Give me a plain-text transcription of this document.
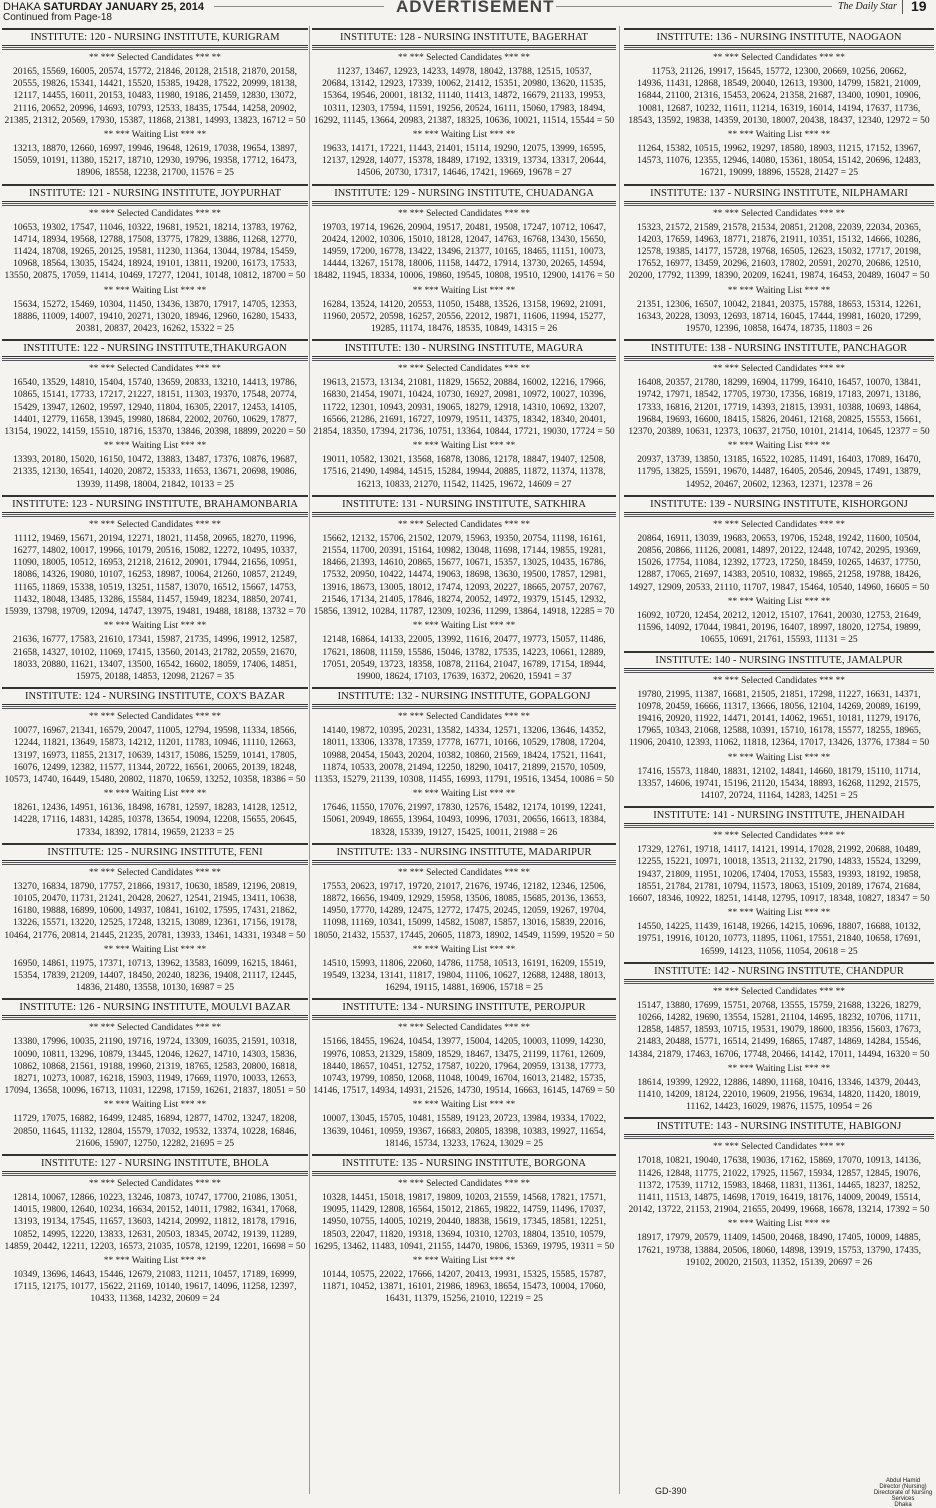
DHAKA SATURDAY JANUARY 25, 2014	ADVERTISEMENT	The Daily Star 19
Continued from Page-18
INSTITUTE: 120 - NURSING INSTITUTE, KURIGRAM
** *** Selected Candidates *** **
20165, 15569, 16005, 20574, 15772, 21846, 20128, 21518, 21870, 20158,
20555, 19826, 15341, 14421, 15520, 15385, 19428, 17522, 20999, 18138,
12117, 14455, 16011, 20153, 10483, 11980, 19186, 21459, 12830, 13072,
21116, 20652, 20996, 14693, 10793, 12533, 18435, 17544, 14258, 20902,
21385, 21312, 20569, 17930, 15387, 11868, 21381, 14993, 13823, 16712 = 50
** *** Waiting List *** **
13213, 18870, 12660, 16997, 19946, 19648, 12619, 17038, 19654, 13897,
15059, 10191, 11380, 15217, 18710, 12930, 19796, 19358, 17712, 16473,
18906, 18558, 12238, 21700, 11576 = 25
INSTITUTE: 121 - NURSING INSTITUTE, JOYPURHAT
** *** Selected Candidates *** **
10653, 19302, 17547, 11046, 10322, 19681, 19521, 18214, 13783, 19762,
14714, 18934, 19568, 12788, 17508, 13775, 17829, 13886, 11268, 12770,
11424, 18708, 19265, 20125, 19581, 11230, 11364, 13044, 19784, 15459,
10968, 18564, 13035, 15424, 18924, 19101, 13811, 19200, 16173, 17533,
13550, 20875, 17059, 11414, 10469, 17277, 12041, 10148, 10812, 18700 = 50
** *** Waiting List *** **
15634, 15272, 15469, 10304, 11450, 13436, 13870, 17917, 14705, 12353,
18886, 11009, 14007, 19410, 20271, 13020, 18946, 12960, 16280, 15433,
20381, 20837, 20423, 16262, 15322 = 25
INSTITUTE: 122 - NURSING INSTITUTE,THAKURGAON
** *** Selected Candidates *** **
16540, 13529, 14810, 15404, 15740, 13659, 20833, 13210, 14413, 19786,
10865, 15141, 17733, 17217, 21227, 18151, 11303, 19370, 17548, 20774,
15429, 13947, 12602, 19597, 12940, 11804, 16305, 22017, 12453, 14105,
14401, 12779, 11658, 13945, 19980, 18684, 22002, 20760, 10629, 17877,
13154, 19022, 14159, 15510, 18716, 15370, 13846, 20398, 18899, 20220 = 50
** *** Waiting List *** **
13393, 20180, 15020, 16150, 10472, 13883, 13487, 17376, 10876, 19687,
21335, 12130, 16541, 14020, 20872, 15333, 11653, 13671, 20698, 19086,
13939, 11498, 18004, 21842, 10133 = 25
INSTITUTE: 123 - NURSING INSTITUTE, BRAHAMONBARIA
** *** Selected Candidates *** **
11112, 19469, 15671, 20194, 12271, 18021, 11458, 20965, 18270, 11996,
16277, 14802, 10017, 19966, 10179, 20516, 15082, 12272, 10495, 10337,
11090, 18005, 10512, 16953, 21218, 21612, 20901, 17944, 21656, 10951,
18086, 14326, 19080, 10107, 16253, 18987, 10064, 21260, 10857, 21249,
11165, 11869, 15338, 10519, 13251, 11587, 13070, 16512, 15667, 14753,
11432, 18048, 13485, 13286, 15584, 11457, 15949, 18234, 18850, 20741,
15939, 13798, 19709, 12094, 14747, 13975, 19481, 19488, 18188, 13732 = 70
** *** Waiting List *** **
21636, 16777, 17583, 21610, 17341, 15987, 21735, 14996, 19912, 12587,
21658, 14327, 10102, 11069, 17415, 13560, 20143, 21782, 20559, 21670,
18033, 20880, 11621, 13407, 13500, 16542, 16602, 18059, 17406, 14851,
15975, 20188, 14853, 12098, 21267 = 35
INSTITUTE: 124 - NURSING INSTITUTE, COX'S BAZAR
** *** Selected Candidates *** **
10077, 16967, 21341, 16579, 20047, 11005, 12794, 19598, 11334, 18566,
12244, 11821, 13649, 15873, 14212, 11201, 11783, 10946, 11110, 12663,
13197, 16973, 11855, 21317, 10639, 14317, 15086, 15259, 10141, 17805,
16076, 12499, 12382, 11577, 11344, 20722, 16561, 20065, 20139, 18248,
10573, 14740, 16449, 15480, 20802, 11870, 10659, 13252, 10358, 18386 = 50
** *** Waiting List *** **
18261, 12436, 14951, 16136, 18498, 16781, 12597, 18283, 14128, 12512,
14228, 17116, 14831, 14285, 10378, 13654, 19094, 12208, 15655, 20645,
17334, 18392, 17814, 19659, 21233 = 25
INSTITUTE: 125 - NURSING INSTITUTE, FENI
** *** Selected Candidates *** **
13270, 16834, 18790, 17757, 21866, 19317, 10630, 18589, 12196, 20819,
10105, 20470, 11731, 21241, 20428, 20627, 12541, 21945, 13411, 10638,
16180, 19888, 16899, 10600, 14937, 10841, 16102, 17595, 17431, 21862,
13226, 15571, 13220, 12525, 17248, 13215, 13089, 12361, 17156, 19178,
10464, 21776, 20814, 21445, 21235, 20781, 13933, 13461, 14331, 19348 = 50
** *** Waiting List *** **
16950, 14861, 11975, 17371, 10713, 13962, 13583, 16099, 16215, 18461,
15354, 17839, 21209, 14407, 18450, 20240, 18236, 19408, 21117, 12445,
14836, 21480, 13558, 10130, 16987 = 25
INSTITUTE: 126 - NURSING INSTITUTE, MOULVI BAZAR
** *** Selected Candidates *** **
13380, 17996, 10035, 21190, 19716, 19724, 13309, 16035, 21591, 10318,
10090, 10811, 13296, 10879, 13445, 12046, 12627, 14710, 14303, 15836,
10862, 10868, 21561, 19188, 19960, 21319, 18765, 12583, 20800, 16818,
18271, 10273, 10087, 16218, 15903, 11949, 17669, 11970, 10033, 12653,
17094, 13658, 10096, 16713, 11031, 12298, 17159, 16261, 21837, 18051 = 50
** *** Waiting List *** **
11729, 17075, 16882, 16499, 12485, 16894, 12877, 14702, 13247, 18208,
20850, 11645, 11132, 12804, 15579, 17032, 19532, 13374, 10228, 16846,
21606, 15907, 12750, 12282, 21695 = 25
INSTITUTE: 127 - NURSING INSTITUTE, BHOLA
** *** Selected Candidates *** **
12814, 10067, 12866, 10223, 13246, 10873, 10747, 17700, 21086, 13051,
14015, 19800, 12640, 10234, 16634, 20152, 14011, 17982, 16341, 17068,
13193, 19134, 17545, 11657, 13603, 14214, 20992, 11812, 18178, 17916,
10852, 14995, 12220, 13833, 12631, 20503, 18345, 20742, 19139, 11289,
14859, 20442, 12211, 12203, 16573, 21035, 10578, 12199, 12201, 16698 = 50
** *** Waiting List *** **
10349, 13696, 14643, 15446, 12679, 21083, 11211, 10457, 17189, 16999,
17115, 12175, 10177, 15622, 21169, 10140, 19617, 14096, 11258, 12397,
10433, 11368, 14232, 20609 = 24
INSTITUTE: 128 - NURSING INSTITUTE, BAGERHAT
** *** Selected Candidates *** **
11237, 13467, 12923, 14233, 14978, 18042, 13788, 12515, 10537,
20684, 13142, 12923, 17339, 10062, 21412, 15351, 20980, 13620, 11535,
15364, 19546, 20001, 18132, 11140, 11413, 14872, 16679, 21133, 19953,
10311, 12303, 17594, 11591, 19256, 20524, 16111, 15060, 17983, 18494,
16292, 11145, 13664, 20983, 21387, 18325, 10636, 10021, 11514, 15544 = 50
** *** Waiting List *** **
19633, 14171, 17221, 11443, 21401, 15114, 19290, 12075, 13999, 16595,
12137, 12928, 14077, 15378, 18489, 17192, 13319, 13734, 13317, 20644,
14506, 20730, 17317, 14646, 17421, 19669, 19678 = 27
INSTITUTE: 129 - NURSING INSTITUTE, CHUADANGA
** *** Selected Candidates *** **
19703, 19714, 19626, 20904, 19517, 20481, 19508, 17247, 10712, 10647,
20424, 12002, 10306, 15010, 18128, 12047, 14763, 16768, 13430, 15650,
14959, 17200, 16778, 13422, 13496, 21377, 10165, 18465, 11151, 10073,
14444, 13267, 15178, 18006, 11158, 14472, 17914, 13730, 20265, 14594,
18482, 11945, 18334, 10006, 19860, 19545, 10808, 19510, 12900, 14176 = 50
** *** Waiting List *** **
16284, 13524, 14120, 20553, 11050, 15488, 13526, 13158, 19692, 21091,
11960, 20572, 20598, 16257, 20556, 22012, 19871, 11606, 11994, 15277,
19285, 11174, 18476, 18535, 10849, 14315 = 26
INSTITUTE: 130 - NURSING INSTITUTE, MAGURA
** *** Selected Candidates *** **
19613, 21573, 13134, 21081, 11829, 15652, 20884, 16002, 12216, 17966,
16830, 21454, 19071, 10424, 10730, 16927, 20981, 10972, 10027, 10396,
11722, 12301, 10943, 20931, 19065, 18279, 12918, 14310, 10692, 13207,
16566, 21286, 21691, 16727, 10979, 19511, 14375, 18342, 18340, 20401,
21854, 18350, 17394, 21736, 10751, 13364, 10844, 17721, 19030, 17724 = 50
** *** Waiting List *** **
19011, 10582, 13021, 13568, 16878, 13086, 12178, 18847, 19407, 12508,
17516, 21490, 14984, 14515, 15284, 19944, 20885, 11872, 11374, 11378,
16213, 10833, 21270, 11542, 11425, 19672, 14609 = 27
INSTITUTE: 131 - NURSING INSTITUTE, SATKHIRA
** *** Selected Candidates *** **
15662, 12132, 15706, 21502, 12079, 15963, 19350, 20754, 11198, 16161,
21554, 11700, 20391, 15164, 10982, 13048, 11698, 17144, 19855, 19281,
18466, 21393, 14610, 20865, 15677, 10671, 15357, 13025, 10435, 16786,
17532, 20950, 10422, 14474, 19063, 18698, 13630, 19500, 17857, 12981,
13916, 18673, 13005, 18012, 17474, 12093, 20227, 18665, 20757, 20767,
21546, 17134, 21405, 17846, 18274, 20052, 14972, 19379, 15145, 12932,
15856, 13912, 10284, 11787, 12309, 10236, 11299, 13864, 14918, 12285 = 70
** *** Waiting List *** **
12148, 16864, 14133, 22005, 13992, 11616, 20477, 19773, 15057, 11486,
17621, 18608, 11159, 15586, 15046, 13782, 17535, 14223, 10661, 12889,
17051, 20549, 13723, 18358, 10878, 21164, 21047, 16789, 17154, 18944,
19900, 18624, 17103, 17639, 16372, 20620, 15941 = 37
INSTITUTE: 132 - NURSING INSTITUTE, GOPALGONJ
** *** Selected Candidates *** **
14140, 19872, 10395, 20231, 13582, 14334, 12571, 13206, 13646, 14352,
18011, 13306, 13378, 17359, 17778, 16771, 10166, 10529, 17808, 17204,
10988, 20454, 15043, 20204, 10382, 10860, 21569, 18424, 17521, 11641,
11874, 10533, 20078, 21494, 12250, 18290, 10417, 21899, 21570, 10509,
11353, 15279, 21139, 10308, 11455, 16993, 11791, 19516, 13454, 10086 = 50
** *** Waiting List *** **
17646, 11550, 17076, 21997, 17830, 12576, 15482, 12174, 10199, 12241,
15061, 20949, 18655, 13964, 10493, 10996, 17031, 20656, 16613, 18384,
18328, 15339, 19127, 15425, 10011, 21988 = 26
INSTITUTE: 133 - NURSING INSTITUTE, MADARIPUR
** *** Selected Candidates *** **
17553, 20623, 19717, 19720, 21017, 21676, 19746, 12182, 12346, 12506,
18872, 16656, 19409, 12929, 15958, 13506, 18085, 15685, 20136, 13653,
14950, 17770, 14289, 12475, 12772, 17475, 20245, 12059, 19267, 19704,
11098, 11169, 10341, 15099, 14582, 15087, 15857, 13016, 15839, 22016,
18050, 21432, 15537, 17445, 20605, 11873, 18902, 14549, 11599, 19520 = 50
** *** Waiting List *** **
14510, 15993, 11806, 22060, 14786, 11758, 10513, 16191, 16209, 15519,
19549, 13234, 13141, 11817, 19804, 11106, 10627, 12688, 12488, 18013,
16294, 19115, 14881, 16906, 15718 = 25
INSTITUTE: 134 - NURSING INSTITUTE, PEROJPUR
** *** Selected Candidates *** **
15166, 18455, 19624, 10454, 13977, 15004, 14205, 10003, 11099, 14230,
19976, 10853, 21329, 15809, 18529, 18467, 13475, 21199, 11761, 12609,
18440, 18657, 10451, 12752, 17587, 10220, 17964, 20959, 13138, 17773,
10743, 19799, 10850, 12068, 11048, 10049, 16704, 16013, 21482, 15735,
14146, 17517, 14934, 14931, 21526, 14730, 19514, 16663, 16145, 14769 = 50
** *** Waiting List *** **
10007, 13045, 15705, 10481, 15589, 19123, 20723, 13984, 19334, 17022,
13639, 10461, 10959, 19367, 16683, 20805, 18398, 10383, 19927, 11654,
18146, 15734, 13233, 17624, 13029 = 25
INSTITUTE: 135 - NURSING INSTITUTE, BORGONA
** *** Selected Candidates *** **
10328, 14451, 15018, 19817, 19809, 10203, 21559, 14568, 17821, 17571,
19095, 11429, 12808, 16564, 15012, 21865, 19822, 14759, 11496, 17037,
14950, 10755, 14005, 10219, 20440, 18838, 15619, 17345, 18581, 12251,
18503, 22047, 11820, 19318, 13694, 10310, 12703, 18804, 13510, 10579,
16295, 13462, 11483, 10941, 21155, 14470, 19806, 15369, 19795, 19311 = 50
** *** Waiting List *** **
10144, 10575, 22022, 17666, 14207, 20413, 19931, 15325, 15585, 15787,
11871, 10452, 13871, 16101, 21986, 18963, 18654, 15473, 10004, 17060,
16431, 11379, 15256, 21010, 12219 = 25
INSTITUTE: 136 - NURSING INSTITUTE, NAOGAON
** *** Selected Candidates *** **
11753, 21126, 19917, 15645, 15772, 12300, 20669, 10256, 20662,
14936, 11431, 12868, 18549, 20040, 12613, 19300, 14799, 15821, 21009,
16844, 21100, 21316, 15453, 20624, 21358, 21687, 13400, 10901, 10906,
10081, 12687, 10232, 11611, 11214, 16319, 16014, 14194, 17637, 11736,
18543, 13592, 19838, 14359, 20130, 18007, 20438, 18437, 12340, 12972 = 50
** *** Waiting List *** **
11264, 15382, 10515, 19962, 19297, 18580, 18903, 11215, 17152, 13967,
14573, 11076, 12355, 12946, 14080, 15361, 18054, 15142, 20696, 12483,
16721, 19099, 18896, 15528, 21427 = 25
INSTITUTE: 137 - NURSING INSTITUTE, NILPHAMARI
** *** Selected Candidates *** **
15323, 21572, 21589, 21578, 21534, 20851, 21208, 22039, 22034, 20365,
14203, 17659, 14963, 18771, 21876, 21911, 10351, 15132, 14666, 10286,
12578, 19385, 14177, 15728, 19768, 16505, 12623, 15032, 17717, 20198,
17652, 16977, 13459, 20296, 21603, 17802, 20591, 20270, 20686, 12510,
20200, 17792, 11399, 18390, 20209, 16241, 19874, 16453, 20489, 16047 = 50
** *** Waiting List *** **
21351, 12306, 16507, 10042, 21841, 20375, 15788, 18653, 15314, 12261,
16343, 20228, 13093, 12693, 18714, 16045, 17444, 19981, 16020, 17299,
19570, 12396, 10858, 16474, 18735, 11803 = 26
INSTITUTE: 138 - NURSING INSTITUTE, PANCHAGOR
** *** Selected Candidates *** **
16408, 20357, 21780, 18299, 16904, 11799, 16410, 16457, 10070, 13841,
19742, 17971, 18542, 17705, 19730, 17356, 16819, 17183, 20971, 13186,
17333, 16816, 21201, 17719, 14393, 21815, 13931, 10388, 10693, 14864,
19684, 19693, 16600, 18415, 15826, 20461, 12168, 20825, 15553, 15661,
12370, 20389, 10631, 12373, 10637, 21750, 10101, 21414, 10645, 12377 = 50
** *** Waiting List *** **
20937, 13739, 13850, 13185, 16522, 10285, 11491, 16403, 17089, 16470,
11795, 13825, 15591, 19670, 14487, 16405, 20546, 20945, 17491, 13879,
14952, 20467, 20602, 12363, 12371, 12378 = 26
INSTITUTE: 139 - NURSING INSTITUTE, KISHORGONJ
** *** Selected Candidates *** **
20864, 16911, 13039, 19683, 20653, 19706, 15248, 19242, 11600, 10504,
20856, 20866, 11126, 20081, 14897, 20122, 12448, 10742, 20295, 19369,
15026, 17754, 11084, 12392, 17723, 17250, 18459, 10265, 14637, 17750,
12887, 17065, 21697, 14383, 20510, 10832, 19865, 21258, 19788, 18426,
14927, 12909, 20533, 21110, 11707, 19847, 15464, 10540, 14960, 16605 = 50
** *** Waiting List *** **
16092, 10720, 12454, 20212, 12012, 15107, 17641, 20030, 12753, 21649,
11596, 14092, 17044, 19841, 20196, 16407, 18997, 18020, 12754, 19899,
10655, 10691, 21761, 15593, 11131 = 25
INSTITUTE: 140 - NURSING INSTITUTE, JAMALPUR
** *** Selected Candidates *** **
19780, 21995, 11387, 16681, 21505, 21851, 17298, 11227, 16631, 14371,
10978, 20459, 16666, 11317, 13666, 18056, 12104, 14269, 20089, 16199,
19416, 20920, 11922, 14471, 20141, 14062, 19651, 10181, 11279, 19176,
17965, 10343, 21068, 12588, 10391, 15710, 16178, 15577, 18255, 18965,
11906, 20410, 12393, 11062, 11818, 12364, 17017, 13426, 13776, 17384 = 50
** *** Waiting List *** **
17416, 15573, 11840, 18831, 12102, 14841, 14660, 18179, 15110, 11714,
13357, 14606, 19741, 15196, 21120, 15434, 18893, 16268, 11292, 21575,
14107, 20724, 11164, 14283, 14251 = 25
INSTITUTE: 141 - NURSING INSTITUTE, JHENAIDAH
** *** Selected Candidates *** **
17329, 12761, 19718, 14117, 14121, 19914, 17028, 21992, 20688, 10489,
12255, 15221, 10971, 10018, 13513, 21132, 21790, 14833, 15524, 13299,
19437, 21809, 11951, 10206, 17404, 17053, 15583, 19393, 18192, 19858,
18551, 21784, 21781, 10794, 11573, 18063, 15109, 20189, 17674, 21684,
16607, 18346, 10922, 18251, 14148, 12795, 10917, 18348, 10827, 18347 = 50
** *** Waiting List *** **
14550, 14225, 11439, 16148, 19266, 14215, 10696, 18807, 16688, 10132,
19751, 19916, 10120, 10773, 11895, 11061, 17551, 21840, 10658, 17691,
16599, 14123, 11056, 11054, 20618 = 25
INSTITUTE: 142 - NURSING INSTITUTE, CHANDPUR
** *** Selected Candidates *** **
15147, 13880, 17699, 15751, 20768, 13555, 15759, 21688, 13226, 18279,
10266, 14282, 19690, 13554, 15281, 21104, 14695, 18232, 10706, 11711,
12858, 14857, 18593, 10715, 19531, 19079, 18600, 18356, 15603, 17673,
21483, 20488, 15771, 16514, 21499, 16865, 17487, 14869, 14284, 15546,
14384, 21879, 17463, 16706, 17748, 20466, 14142, 17011, 14494, 16320 = 50
** *** Waiting List *** **
18614, 19399, 12922, 12886, 14890, 11168, 10416, 13346, 14379, 20443,
11410, 14209, 18124, 22010, 19609, 21956, 19634, 14820, 11420, 18019,
11162, 14423, 16029, 19876, 11575, 10954 = 26
INSTITUTE: 143 - NURSING INSTITUTE, HABIGONJ
** *** Selected Candidates *** **
17018, 10821, 19040, 17638, 19036, 17162, 15869, 17070, 10913, 14136,
11426, 12848, 11775, 21022, 17925, 11567, 15934, 12857, 12845, 19076,
11372, 17539, 11712, 15983, 18468, 11831, 11361, 14465, 18237, 18252,
11411, 11513, 14875, 14698, 17019, 16419, 18176, 14009, 20049, 15514,
20142, 13722, 21153, 21904, 21655, 20499, 19668, 16678, 13214, 17392 = 50
** *** Waiting List *** **
18917, 17979, 20579, 11409, 14500, 20468, 18490, 17405, 10009, 14885,
17621, 19738, 13884, 20506, 18060, 14898, 13919, 15753, 13790, 17435,
19102, 20020, 21503, 11352, 15139, 20697 = 26
Abdul Hamid
Director (Nursing)
Directorate of Nursing Services
Dhaka
GD-390
